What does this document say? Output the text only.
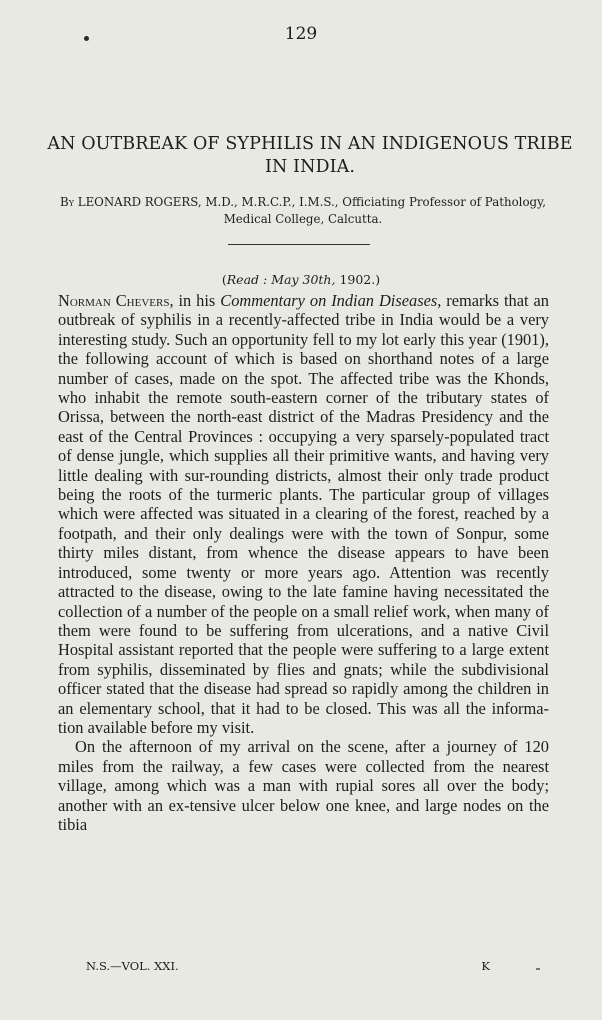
129
AN OUTBREAK OF SYPHILIS IN AN INDIGENOUS TRIBE IN INDIA.
By LEONARD ROGERS, M.D., M.R.C.P., I.M.S., Officiating Professor of Pathology, Medical College, Calcutta.
(Read : May 30th, 1902.)

Norman Chevers, in his Commentary on Indian Diseases, remarks that an outbreak of syphilis in a recently-affected tribe in India would be a very interesting study. Such an opportunity fell to my lot early this year (1901), the following account of which is based on shorthand notes of a large number of cases, made on the spot. The affected tribe was the Khonds, who inhabit the remote south-eastern corner of the tributary states of Orissa, between the north-east district of the Madras Presidency and the east of the Central Provinces : occupying a very sparsely-populated tract of dense jungle, which supplies all their primitive wants, and having very little dealing with sur-rounding districts, almost their only trade product being the roots of the turmeric plants. The particular group of villages which were affected was situated in a clearing of the forest, reached by a footpath, and their only dealings were with the town of Sonpur, some thirty miles distant, from whence the disease appears to have been introduced, some twenty or more years ago. Attention was recently attracted to the disease, owing to the late famine having necessitated the collection of a number of the people on a small relief work, when many of them were found to be suffering from ulcerations, and a native Civil Hospital assistant reported that the people were suffering to a large extent from syphilis, disseminated by flies and gnats; while the subdivisional officer stated that the disease had spread so rapidly among the children in an elementary school, that it had to be closed. This was all the informa-tion available before my visit.

On the afternoon of my arrival on the scene, after a journey of 120 miles from the railway, a few cases were collected from the nearest village, among which was a man with rupial sores all over the body; another with an ex-tensive ulcer below one knee, and large nodes on the tibia

N.S.—VOL. XXI.	K
